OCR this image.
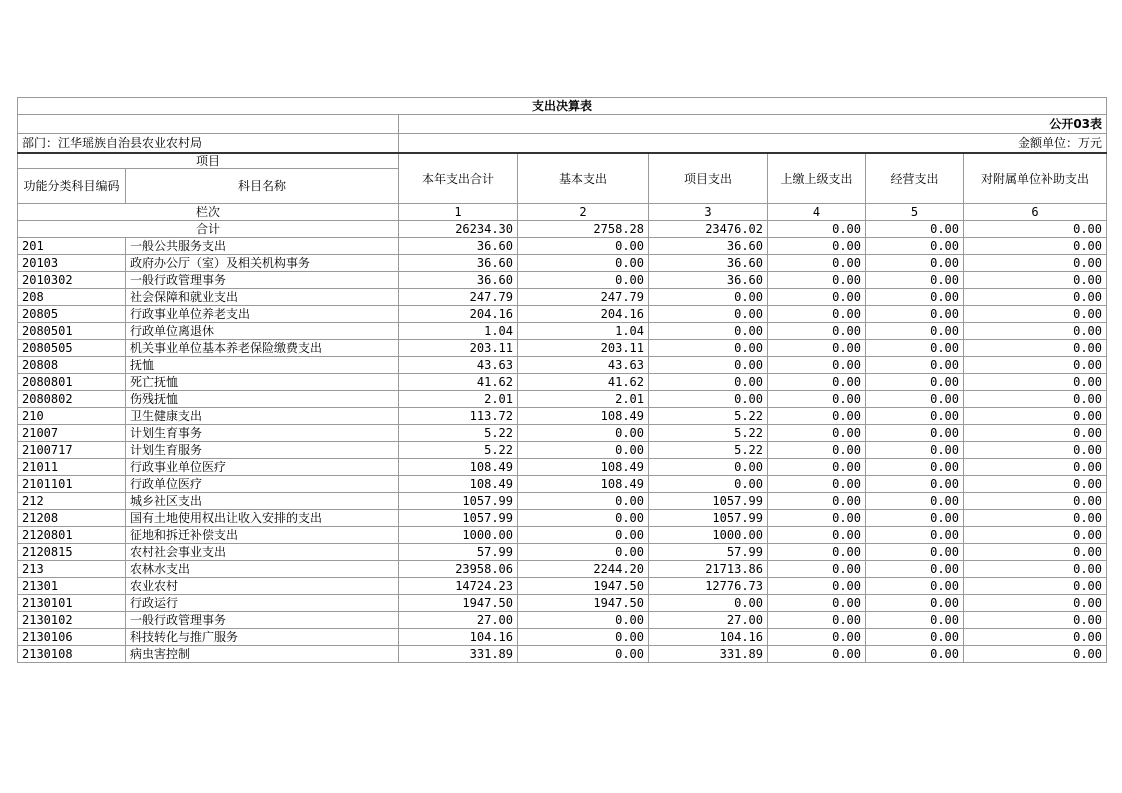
支出决算表							
		公开03表					
部门：江华瑶族自治县农业农村局		金额单位：万元					
项目		本年支出合计	基本支出	项目支出	上缴上级支出	经营支出	对附属单位补助支出
功能分类科目编码	科目名称						
栏次		1	2	3	4	5	6
合计		26234.30	2758.28	23476.02	0.00	0.00	0.00
201	一般公共服务支出	36.60	0.00	36.60	0.00	0.00	0.00
20103	政府办公厅（室）及相关机构事务	36.60	0.00	36.60	0.00	0.00	0.00
2010302	一般行政管理事务	36.60	0.00	36.60	0.00	0.00	0.00
208	社会保障和就业支出	247.79	247.79	0.00	0.00	0.00	0.00
20805	行政事业单位养老支出	204.16	204.16	0.00	0.00	0.00	0.00
2080501	行政单位离退休	1.04	1.04	0.00	0.00	0.00	0.00
2080505	机关事业单位基本养老保险缴费支出	203.11	203.11	0.00	0.00	0.00	0.00
20808	抚恤	43.63	43.63	0.00	0.00	0.00	0.00
2080801	死亡抚恤	41.62	41.62	0.00	0.00	0.00	0.00
2080802	伤残抚恤	2.01	2.01	0.00	0.00	0.00	0.00
210	卫生健康支出	113.72	108.49	5.22	0.00	0.00	0.00
21007	计划生育事务	5.22	0.00	5.22	0.00	0.00	0.00
2100717	计划生育服务	5.22	0.00	5.22	0.00	0.00	0.00
21011	行政事业单位医疗	108.49	108.49	0.00	0.00	0.00	0.00
2101101	行政单位医疗	108.49	108.49	0.00	0.00	0.00	0.00
212	城乡社区支出	1057.99	0.00	1057.99	0.00	0.00	0.00
21208	国有土地使用权出让收入安排的支出	1057.99	0.00	1057.99	0.00	0.00	0.00
2120801	征地和拆迁补偿支出	1000.00	0.00	1000.00	0.00	0.00	0.00
2120815	农村社会事业支出	57.99	0.00	57.99	0.00	0.00	0.00
213	农林水支出	23958.06	2244.20	21713.86	0.00	0.00	0.00
21301	农业农村	14724.23	1947.50	12776.73	0.00	0.00	0.00
2130101	行政运行	1947.50	1947.50	0.00	0.00	0.00	0.00
2130102	一般行政管理事务	27.00	0.00	27.00	0.00	0.00	0.00
2130106	科技转化与推广服务	104.16	0.00	104.16	0.00	0.00	0.00
2130108	病虫害控制	331.89	0.00	331.89	0.00	0.00	0.00
